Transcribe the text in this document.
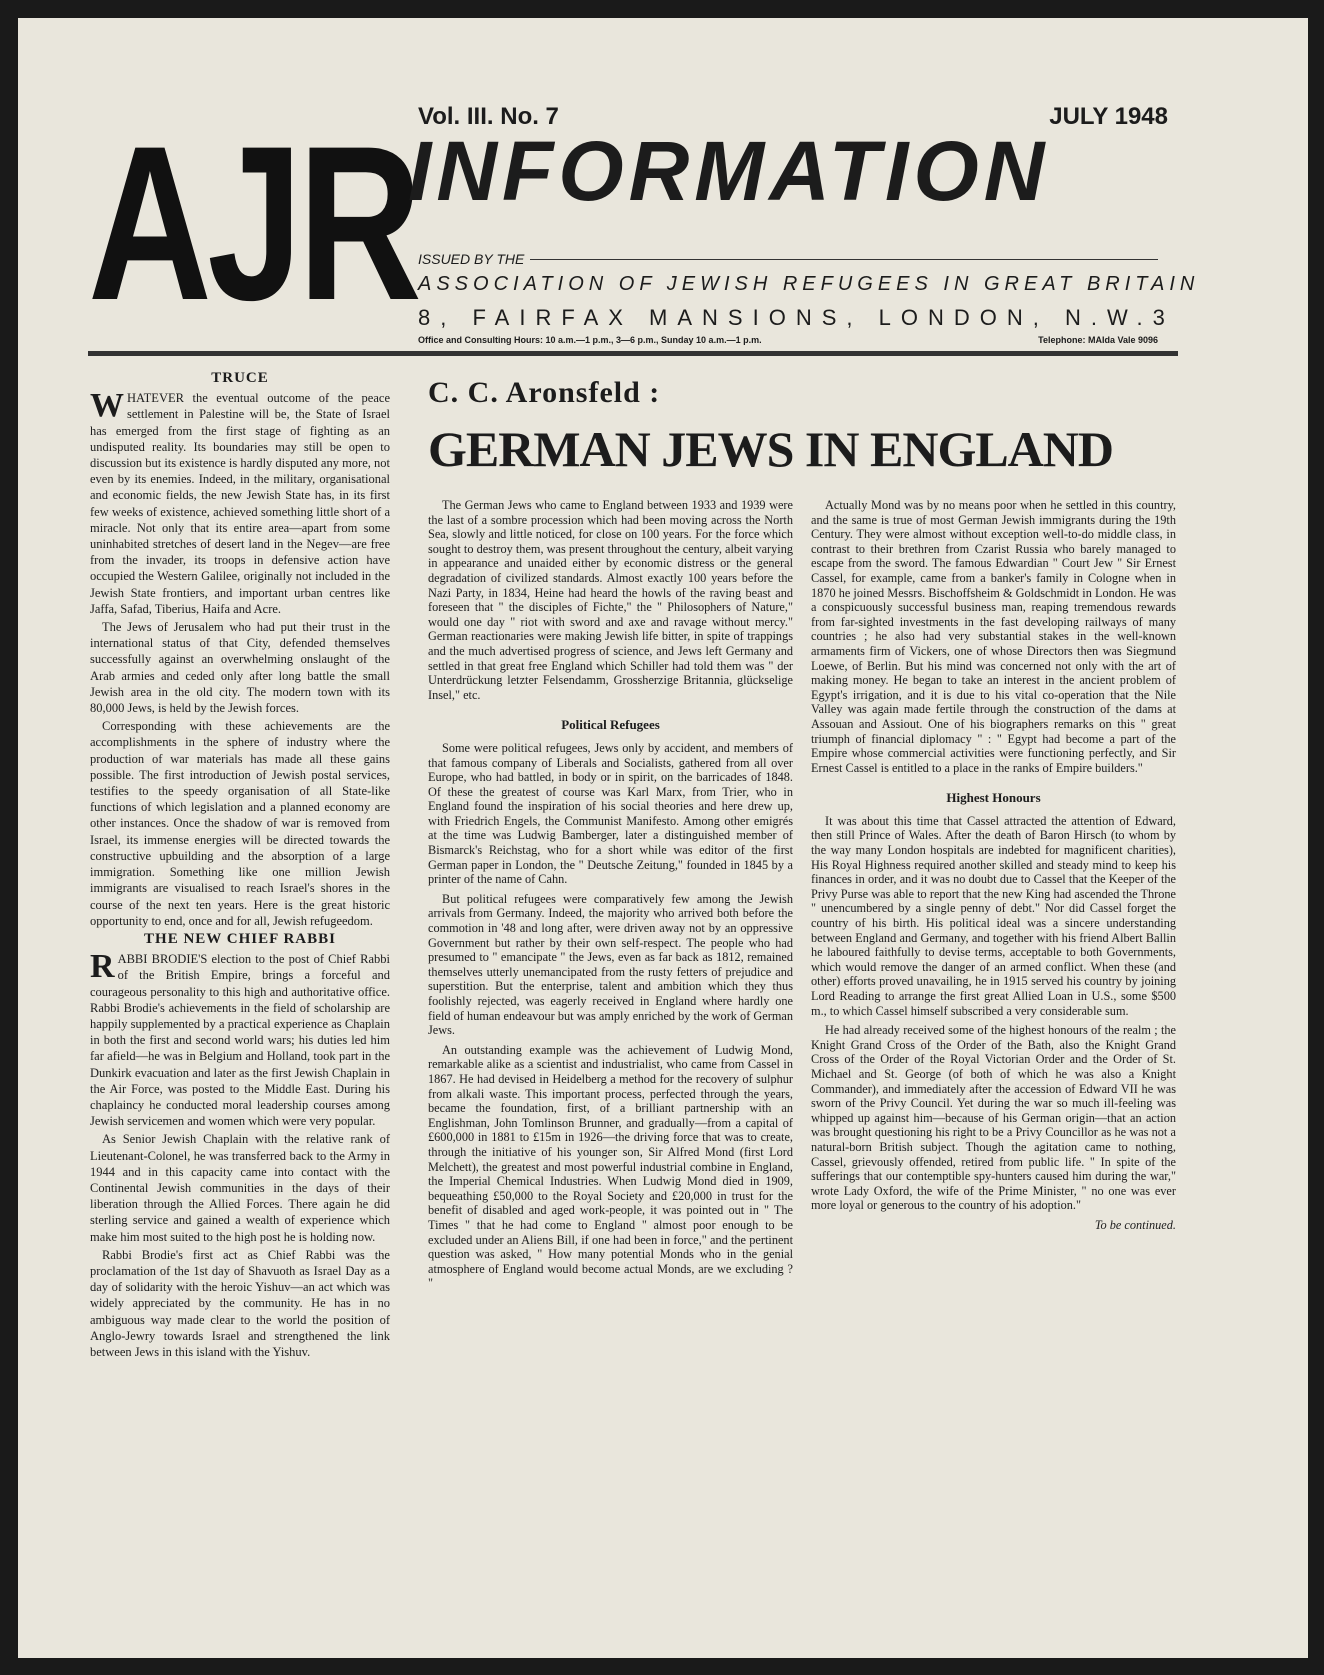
AJR Vol. III. No. 7	JULY 1948
INFORMATION
ISSUED BY THE
ASSOCIATION OF JEWISH REFUGEES IN GREAT BRITAIN
8, FAIRFAX MANSIONS, LONDON, N.W.3
Office and Consulting Hours: 10 a.m.—1 p.m., 3—6 p.m., Sunday 10 a.m.—1 p.m.	Telephone: MAIda Vale 9096
TRUCE

WHATEVER the eventual outcome of the peace settlement in Palestine will be, the State of Israel has emerged from the first stage of fighting as an undisputed reality. Its boundaries may still be open to discussion but its existence is hardly disputed any more, not even by its enemies. Indeed, in the military, organisational and economic fields, the new Jewish State has, in its first few weeks of existence, achieved something little short of a miracle. Not only that its entire area—apart from some uninhabited stretches of desert land in the Negev—are free from the invader, its troops in defensive action have occupied the Western Galilee, originally not included in the Jewish State frontiers, and important urban centres like Jaffa, Safad, Tiberius, Haifa and Acre.

The Jews of Jerusalem who had put their trust in the international status of that City, defended themselves successfully against an overwhelming onslaught of the Arab armies and ceded only after long battle the small Jewish area in the old city. The modern town with its 80,000 Jews, is held by the Jewish forces.

Corresponding with these achievements are the accomplishments in the sphere of industry where the production of war materials has made all these gains possible. The first introduction of Jewish postal services, testifies to the speedy organisation of all State-like functions of which legislation and a planned economy are other instances. Once the shadow of war is removed from Israel, its immense energies will be directed towards the constructive upbuilding and the absorption of a large immigration. Something like one million Jewish immigrants are visualised to reach Israel's shores in the course of the next ten years. Here is the great historic opportunity to end, once and for all, Jewish refugeedom.

THE NEW CHIEF RABBI

RABBI BRODIE'S election to the post of Chief Rabbi of the British Empire, brings a forceful and courageous personality to this high and authoritative office. Rabbi Brodie's achievements in the field of scholarship are happily supplemented by a practical experience as Chaplain in both the first and second world wars; his duties led him far afield—he was in Belgium and Holland, took part in the Dunkirk evacuation and later as the first Jewish Chaplain in the Air Force, was posted to the Middle East. During his chaplaincy he conducted moral leadership courses among Jewish servicemen and women which were very popular.

As Senior Jewish Chaplain with the relative rank of Lieutenant-Colonel, he was transferred back to the Army in 1944 and in this capacity came into contact with the Continental Jewish communities in the days of their liberation through the Allied Forces. There again he did sterling service and gained a wealth of experience which make him most suited to the high post he is holding now.

Rabbi Brodie's first act as Chief Rabbi was the proclamation of the 1st day of Shavuoth as Israel Day as a day of solidarity with the heroic Yishuv—an act which was widely appreciated by the community. He has in no ambiguous way made clear to the world the position of Anglo-Jewry towards Israel and strengthened the link between Jews in this island with the Yishuv.

C. C. Aronsfeld :
GERMAN JEWS IN ENGLAND

The German Jews who came to England between 1933 and 1939 were the last of a sombre procession which had been moving across the North Sea, slowly and little noticed, for close on 100 years. For the force which sought to destroy them, was present throughout the century, albeit varying in appearance and unaided either by economic distress or the general degradation of civilized standards. Almost exactly 100 years before the Nazi Party, in 1834, Heine had heard the howls of the raving beast and foreseen that " the disciples of Fichte," the " Philosophers of Nature," would one day " riot with sword and axe and ravage without mercy." German reactionaries were making Jewish life bitter, in spite of trappings and the much advertised progress of science, and Jews left Germany and settled in that great free England which Schiller had told them was " der Unterdrückung letzter Felsendamm, Grossherzige Britannia, glückselige Insel," etc.

Political Refugees

Some were political refugees, Jews only by accident, and members of that famous company of Liberals and Socialists, gathered from all over Europe, who had battled, in body or in spirit, on the barricades of 1848. Of these the greatest of course was Karl Marx, from Trier, who in England found the inspiration of his social theories and here drew up, with Friedrich Engels, the Communist Manifesto. Among other emigrés at the time was Ludwig Bamberger, later a distinguished member of Bismarck's Reichstag, who for a short while was editor of the first German paper in London, the " Deutsche Zeitung," founded in 1845 by a printer of the name of Cahn.

But political refugees were comparatively few among the Jewish arrivals from Germany. Indeed, the majority who arrived both before the commotion in '48 and long after, were driven away not by an oppressive Government but rather by their own self-respect. The people who had presumed to " emancipate " the Jews, even as far back as 1812, remained themselves utterly unemancipated from the rusty fetters of prejudice and superstition. But the enterprise, talent and ambition which they thus foolishly rejected, was eagerly received in England where hardly one field of human endeavour but was amply enriched by the work of German Jews.

An outstanding example was the achievement of Ludwig Mond, remarkable alike as a scientist and industrialist, who came from Cassel in 1867. He had devised in Heidelberg a method for the recovery of sulphur from alkali waste. This important process, perfected through the years, became the foundation, first, of a brilliant partnership with an Englishman, John Tomlinson Brunner, and gradually—from a capital of £600,000 in 1881 to £15m in 1926—the driving force that was to create, through the initiative of his younger son, Sir Alfred Mond (first Lord Melchett), the greatest and most powerful industrial combine in England, the Imperial Chemical Industries. When Ludwig Mond died in 1909, bequeathing £50,000 to the Royal Society and £20,000 in trust for the benefit of disabled and aged work-people, it was pointed out in " The Times " that he had come to England " almost poor enough to be excluded under an Aliens Bill, if one had been in force," and the pertinent question was asked, " How many potential Monds who in the genial atmosphere of England would become actual Monds, are we excluding ? "

Actually Mond was by no means poor when he settled in this country, and the same is true of most German Jewish immigrants during the 19th Century. They were almost without exception well-to-do middle class, in contrast to their brethren from Czarist Russia who barely managed to escape from the sword. The famous Edwardian " Court Jew " Sir Ernest Cassel, for example, came from a banker's family in Cologne when in 1870 he joined Messrs. Bischoffsheim & Goldschmidt in London. He was a conspicuously successful business man, reaping tremendous rewards from far-sighted investments in the fast developing railways of many countries ; he also had very substantial stakes in the well-known armaments firm of Vickers, one of whose Directors then was Siegmund Loewe, of Berlin. But his mind was concerned not only with the art of making money. He began to take an interest in the ancient problem of Egypt's irrigation, and it is due to his vital co-operation that the Nile Valley was again made fertile through the construction of the dams at Assouan and Assiout. One of his biographers remarks on this " great triumph of financial diplomacy " : " Egypt had become a part of the Empire whose commercial activities were functioning perfectly, and Sir Ernest Cassel is entitled to a place in the ranks of Empire builders."

Highest Honours

It was about this time that Cassel attracted the attention of Edward, then still Prince of Wales. After the death of Baron Hirsch (to whom by the way many London hospitals are indebted for magnificent charities), His Royal Highness required another skilled and steady mind to keep his finances in order, and it was no doubt due to Cassel that the Keeper of the Privy Purse was able to report that the new King had ascended the Throne " unencumbered by a single penny of debt." Nor did Cassel forget the country of his birth. His political ideal was a sincere understanding between England and Germany, and together with his friend Albert Ballin he laboured faithfully to devise terms, acceptable to both Governments, which would remove the danger of an armed conflict. When these (and other) efforts proved unavailing, he in 1915 served his country by joining Lord Reading to arrange the first great Allied Loan in U.S., some $500 m., to which Cassel himself subscribed a very considerable sum.

He had already received some of the highest honours of the realm ; the Knight Grand Cross of the Order of the Bath, also the Knight Grand Cross of the Order of the Royal Victorian Order and the Order of St. Michael and St. George (of both of which he was also a Knight Commander), and immediately after the accession of Edward VII he was sworn of the Privy Council. Yet during the war so much ill-feeling was whipped up against him—because of his German origin—that an action was brought questioning his right to be a Privy Councillor as he was not a natural-born British subject. Though the agitation came to nothing, Cassel, grievously offended, retired from public life. " In spite of the sufferings that our contemptible spy-hunters caused him during the war," wrote Lady Oxford, the wife of the Prime Minister, " no one was ever more loyal or generous to the country of his adoption."

To be continued.
